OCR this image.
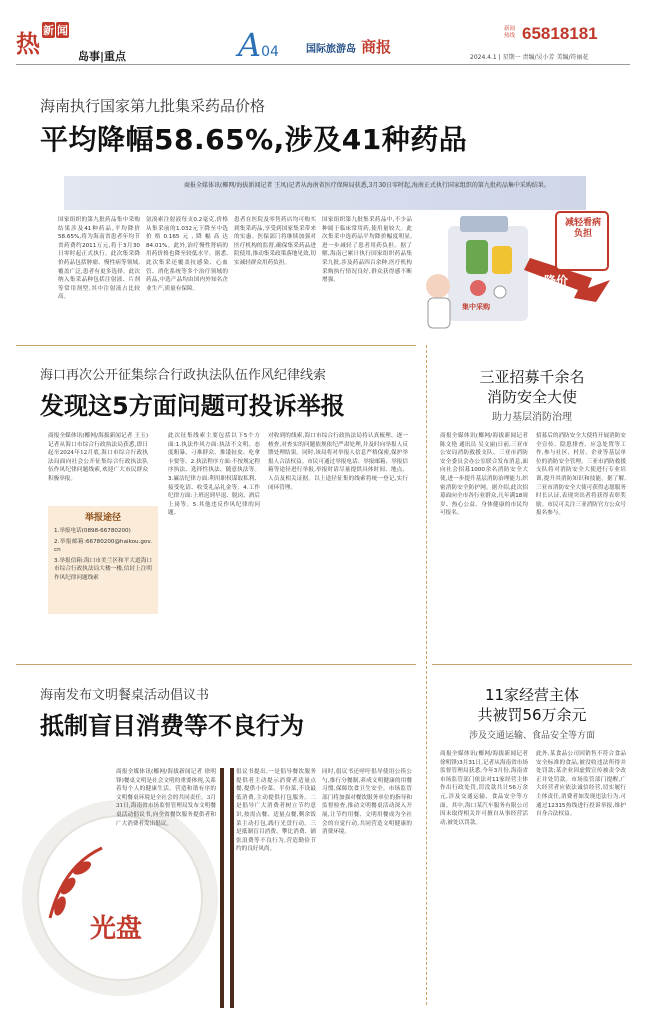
热 新 闻
岛事|重点	A04	国际旅游岛 商报
新闻
热线 65818181
2024.4.1 | 星期一 责编/吴小芳 美编/符丽花
海南执行国家第九批集采药品价格
平均降幅58.65%,涉及41种药品
商报全媒体讯(椰网/海拔新闻记者 王凤)记者从海南省医疗保障局获悉,3月30日零时起,海南正式执行国家组织的第九批药品集中采购结果。
国家组织的第九批药品集中采购结果涉及41种药品,平均降价58.65%,将为海南省患者年均节省药费约2011万元,将于3月30日零时起正式执行。此次集采降价药品包括肿瘤、慢性病等领域,覆盖广泛,患者有更多选择。此次纳入集采品种包括注射液、片剂等常用剂型,其中注射液占比较高。
氨溴索注射液每支0.2毫克,价格从集采前的1.032元下降至中选价格0.165元,降幅高达84.01%。此外,治疗慢性肾病的用药价格也降至较低水平。据悉,此次集采还覆盖抗感染、心血管、消化系统等多个治疗领域的药品,中选产品均由国内外知名企业生产,质量有保障。
患者在医院及零售药店均可购买到集采药品,享受到国家集采带来的实惠。医保部门将继续加强对医疗机构的监督,确保集采药品进院使用,推动集采政策落地见效,切实减轻群众用药负担。
国家组织第九批集采药品中,不少品种属于临床常用药,使用量较大。此次集采中选药品平均降价幅度明显,进一步减轻了患者用药负担。据了解,海南已累计执行国家组织药品集采九批,涉及药品四百余种,医疗机构采购执行情况良好,群众获得感不断增强。
减轻看病负担
集中采购
降价
海口再次公开征集综合行政执法队伍作风纪律线索
发现这5方面问题可投诉举报
商报全媒体讯(椰网/海拔新闻记者 王玉)记者从海口市综合行政执法局获悉,即日起至2024年12月底,海口市综合行政执法局面向社会公开征集综合行政执法队伍作风纪律问题线索,欢迎广大市民群众积极举报。
举报途径
1.举报电话(0898-66780200)
2.举报邮箱:66780200@haikou.gov.cn
3.举报信箱:海口市美兰区和平大道海口市综合行政执法局大楼一楼,信封上注明作风纪律问题线索
此次征集线索主要包括以下5个方面:1.执法作风方面:执法不文明、态度粗暴、刁难群众、推诿扯皮、吃拿卡要等。2.执法程序方面:不按规定程序执法、选择性执法、随意执法等。3.廉洁纪律方面:利用职权谋取私利、接受吃请、收受礼品礼金等。4.工作纪律方面:上班迟到早退、脱岗、酒后上岗等。5.其他违反作风纪律的问题。
对收到的线索,海口市综合行政执法局将认真梳理、逐一核查,对查实的问题依规依纪严肃处理,并及时向举报人反馈处理结果。同时,该局将对举报人信息严格保密,保护举报人合法权益。市民可通过举报电话、举报邮箱、举报信箱等途径进行举报,举报时请尽量提供具体时间、地点、人员及相关证据。以上途径征集的线索将统一登记,实行闭环管理。
三亚招募千余名
消防安全大使
助力基层消防治理
商报全媒体讯(椰网/海拔新闻记者 陈文艳 通讯员 吴文丽)日前,三亚市公安局消防救援支队、三亚市消防安全委员会办公室联合发布消息,面向社会招募1000余名消防安全大使,进一步提升基层消防治理能力,织密消防安全防护网。据介绍,此次招募面向全市各行业群众,凡年满18周岁、热心公益、身体健康的市民均可报名。
招募后的消防安全大使将开展消防安全宣传、隐患排查、应急处置等工作,参与社区、村居、企业等基层单位的消防安全管理。三亚市消防救援支队将对消防安全大使进行专业培训,提升其消防知识和技能。据了解,三亚市消防安全大使可获得志愿服务时长认证,表现突出者将获得表彰奖励。市民可关注三亚消防官方公众号报名参与。
海南发布文明餐桌活动倡议书
抵制盲目消费等不良行为
光盘
商报全媒体讯(椰网/海拔新闻记者 徐明锋)餐桌文明是社会文明的重要体现,关系着每个人的健康生活。营造和谐有序的文明餐桌环境是全社会的共同责任。3月31日,海南省市场监督管理局发布文明餐桌活动倡议书,向全省餐饮服务提供者和广大消费者发出倡议。
倡议书提出,一是倡导餐饮服务提供者主动提示消费者适量点餐,提供小份菜、半份菜,不设最低消费,主动提供打包服务。二是倡导广大消费者树立节约意识,按需点餐、适量点餐,剩余饭菜主动打包,践行光盘行动。三是抵制盲目消费、攀比消费、铺张浪费等不良行为,营造勤俭节约的良好风尚。
同时,倡议书还呼吁倡导使用公筷公勺,推行分餐制,养成文明健康的用餐习惯,保障饮食卫生安全。市场监管部门将加强对餐饮服务单位的指导和监督检查,推动文明餐桌活动深入开展,让节约用餐、文明用餐成为全社会的自觉行动,共同营造文明健康的消费环境。
11家经营主体
共被罚56万余元
涉及交通运输、食品安全等方面
商报全媒体讯(椰网/海拔新闻记者 徐明锋)3月31日,记者从海南省市场监督管理局获悉,今年3月份,海南省市场监管部门依法对11家经营主体作出行政处罚,罚没款共计56万余元,涉及交通运输、食品安全等方面。其中,海口某汽车服务有限公司因未取得相关许可擅自从事经营活动,被处以罚款。
此外,某食品公司因销售不符合食品安全标准的食品,被没收违法所得并处罚款;某企业因虚假宣传被责令改正并处罚款。市场监管部门提醒,广大经营者应依法诚信经营,切实履行主体责任,消费者如发现违法行为,可通过12315热线进行投诉举报,维护自身合法权益。
